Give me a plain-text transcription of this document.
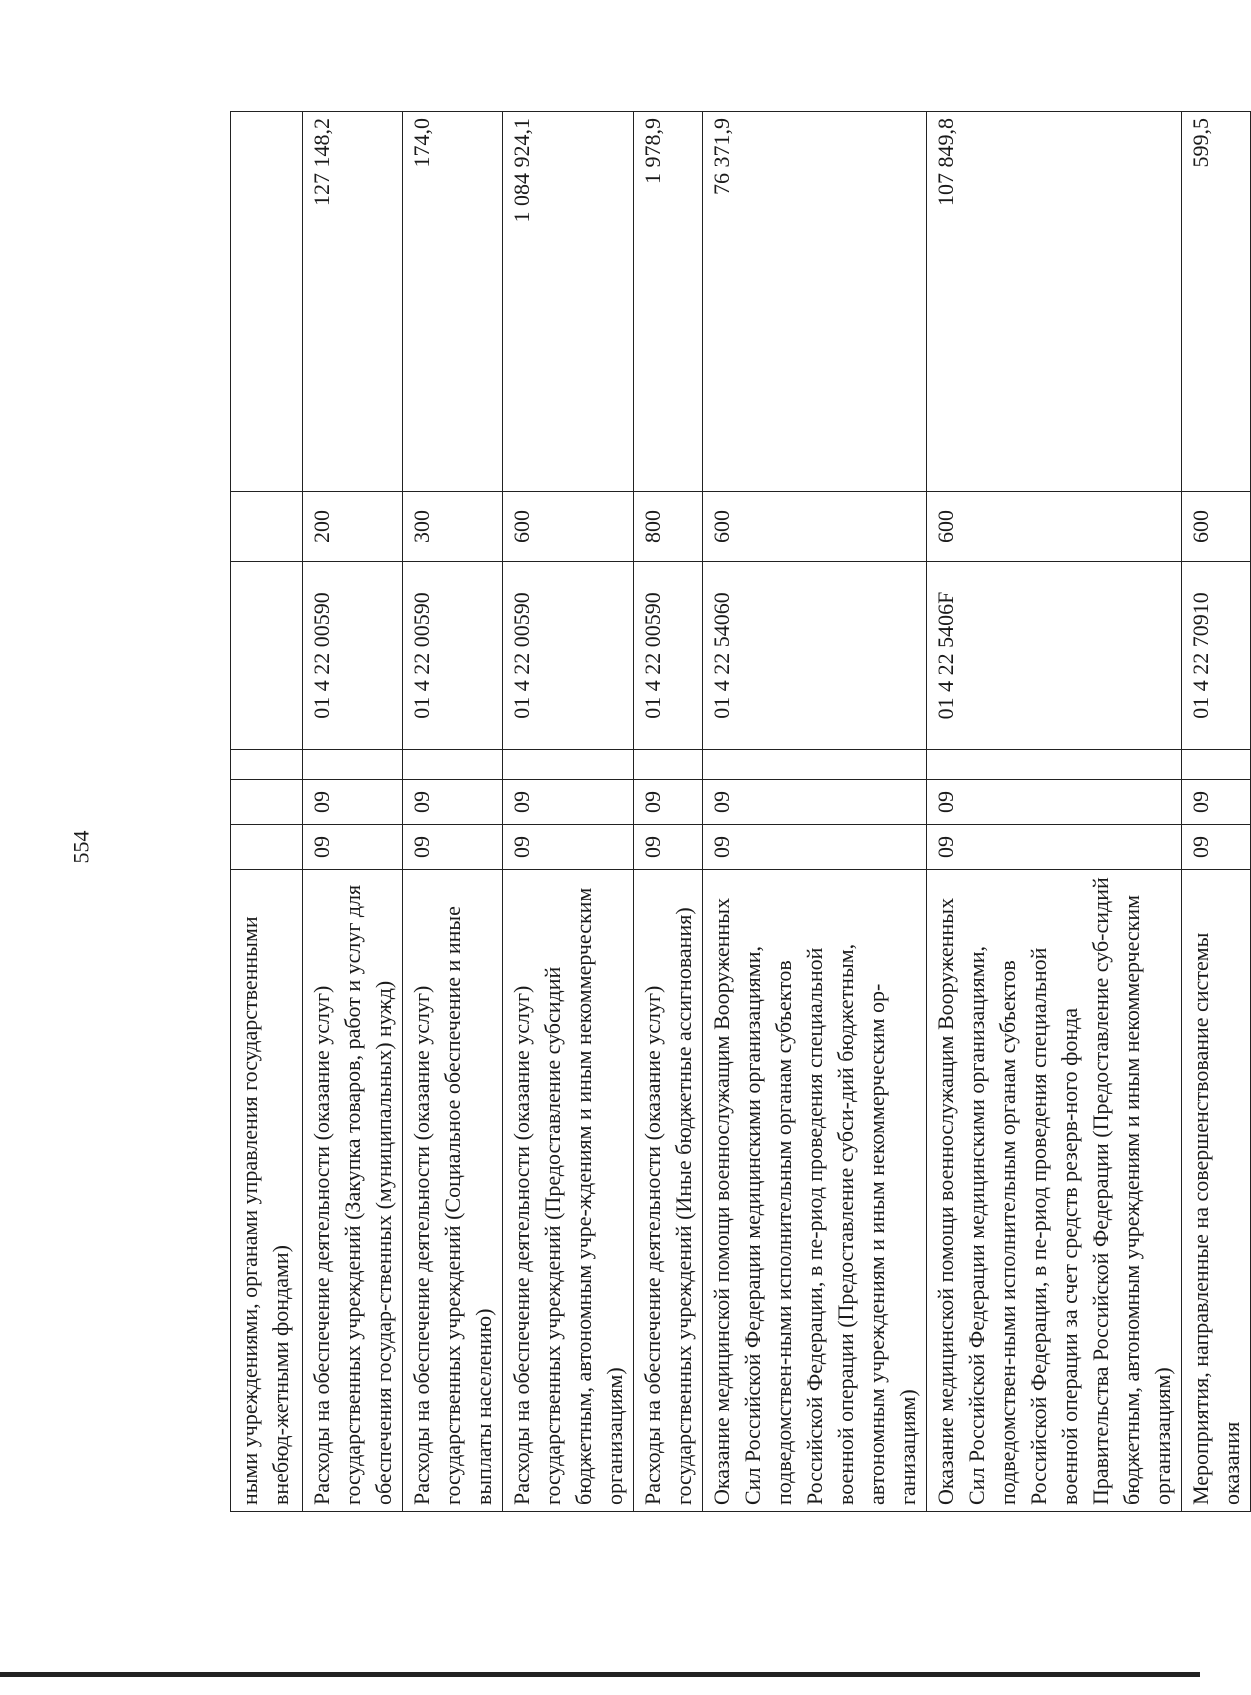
554
ными учреждениями, органами управления государственными внебюд-жетными фондами)						
Расходы на обеспечение деятельности (оказание услуг) государственных учреждений (Закупка товаров, работ и услуг для обеспечения государ-ственных (муниципальных) нужд)	09	09		01 4 22 00590	200	127 148,2
Расходы на обеспечение деятельности (оказание услуг) государственных учреждений (Социальное обеспечение и иные выплаты населению)	09	09		01 4 22 00590	300	174,0
Расходы на обеспечение деятельности (оказание услуг) государственных учреждений (Предоставление субсидий бюджетным, автономным учре-ждениям и иным некоммерческим организациям)	09	09		01 4 22 00590	600	1 084 924,1
Расходы на обеспечение деятельности (оказание услуг) государственных учреждений (Иные бюджетные ассигнования)	09	09		01 4 22 00590	800	1 978,9
Оказание медицинской помощи военнослужащим Вооруженных Сил Российской Федерации медицинскими организациями, подведомствен-ными исполнительным органам субъектов Российской Федерации, в пе-риод проведения специальной военной операции (Предоставление субси-дий бюджетным, автономным учреждениям и иным некоммерческим ор-ганизациям)	09	09		01 4 22 54060	600	76 371,9
Оказание медицинской помощи военнослужащим Вооруженных Сил Российской Федерации медицинскими организациями, подведомствен-ными исполнительным органам субъектов Российской Федерации, в пе-риод проведения специальной военной операции за счет средств резерв-ного фонда Правительства Российской Федерации (Предоставление суб-сидий бюджетным, автономным учреждениям и иным некоммерческим организациям)	09	09		01 4 22 5406F	600	107 849,8
Мероприятия, направленные на совершенствование системы оказания	09	09		01 4 22 70910	600	599,5
